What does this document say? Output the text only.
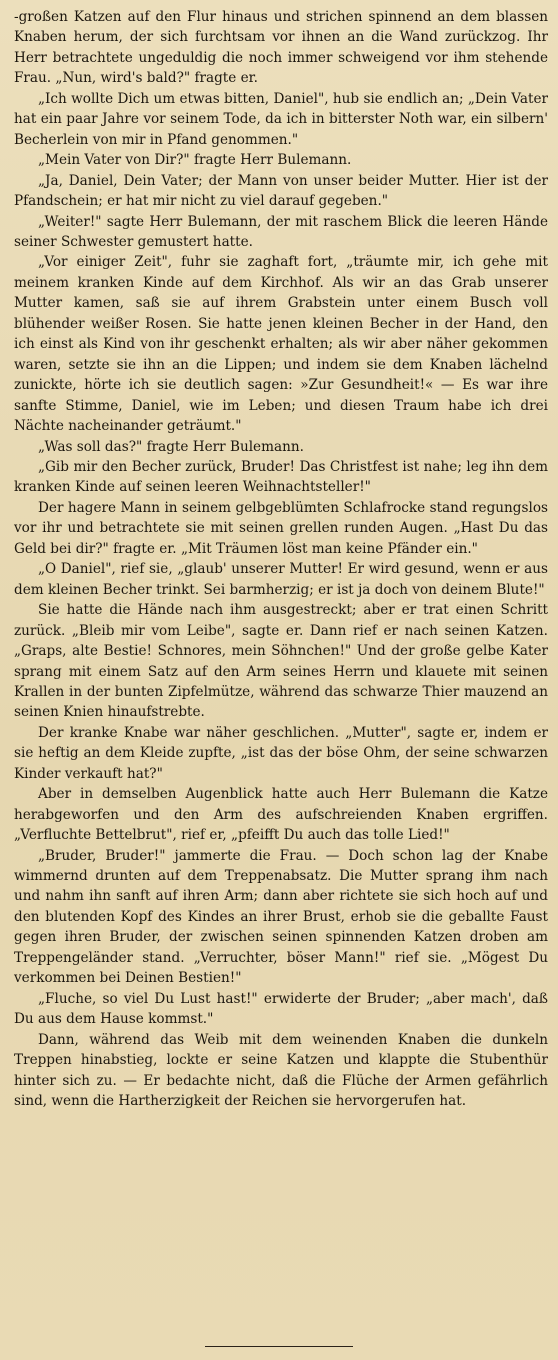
-großen Katzen auf den Flur hinaus und strichen spinnend an dem blassen Knaben herum, der sich furchtsam vor ihnen an die Wand zurückzog. Ihr Herr betrachtete ungeduldig die noch immer schweigend vor ihm stehende Frau. „Nun, wird's bald?" fragte er.

„Ich wollte Dich um etwas bitten, Daniel", hub sie endlich an; „Dein Vater hat ein paar Jahre vor seinem Tode, da ich in bitterster Noth war, ein silbern' Becherlein von mir in Pfand genommen."

„Mein Vater von Dir?" fragte Herr Bulemann.

„Ja, Daniel, Dein Vater; der Mann von unser beider Mutter. Hier ist der Pfandschein; er hat mir nicht zu viel darauf gegeben."

„Weiter!" sagte Herr Bulemann, der mit raschem Blick die leeren Hände seiner Schwester gemustert hatte.

„Vor einiger Zeit", fuhr sie zaghaft fort, „träumte mir, ich gehe mit meinem kranken Kinde auf dem Kirchhof. Als wir an das Grab unserer Mutter kamen, saß sie auf ihrem Grabstein unter einem Busch voll blühender weißer Rosen. Sie hatte jenen kleinen Becher in der Hand, den ich einst als Kind von ihr geschenkt erhalten; als wir aber näher gekommen waren, setzte sie ihn an die Lippen; und indem sie dem Knaben lächelnd zunickte, hörte ich sie deutlich sagen: »Zur Gesundheit!« — Es war ihre sanfte Stimme, Daniel, wie im Leben; und diesen Traum habe ich drei Nächte nacheinander geträumt."

„Was soll das?" fragte Herr Bulemann.

„Gib mir den Becher zurück, Bruder! Das Christfest ist nahe; leg ihn dem kranken Kinde auf seinen leeren Weihnachtsteller!"

Der hagere Mann in seinem gelbgeblümten Schlafrocke stand regungslos vor ihr und betrachtete sie mit seinen grellen runden Augen. „Hast Du das Geld bei dir?" fragte er. „Mit Träumen löst man keine Pfänder ein."

„O Daniel", rief sie, „glaub' unserer Mutter! Er wird gesund, wenn er aus dem kleinen Becher trinkt. Sei barmherzig; er ist ja doch von deinem Blute!"

Sie hatte die Hände nach ihm ausgestreckt; aber er trat einen Schritt zurück. „Bleib mir vom Leibe", sagte er. Dann rief er nach seinen Katzen. „Graps, alte Bestie! Schnores, mein Söhnchen!" Und der große gelbe Kater sprang mit einem Satz auf den Arm seines Herrn und klauete mit seinen Krallen in der bunten Zipfelmütze, während das schwarze Thier mauzend an seinen Knien hinaufstrebte.

Der kranke Knabe war näher geschlichen. „Mutter", sagte er, indem er sie heftig an dem Kleide zupfte, „ist das der böse Ohm, der seine schwarzen Kinder verkauft hat?"

Aber in demselben Augenblick hatte auch Herr Bulemann die Katze herabgeworfen und den Arm des aufschreienden Knaben ergriffen. „Verfluchte Bettelbrut", rief er, „pfeifft Du auch das tolle Lied!"

„Bruder, Bruder!" jammerte die Frau. — Doch schon lag der Knabe wimmernd drunten auf dem Treppenabsatz. Die Mutter sprang ihm nach und nahm ihn sanft auf ihren Arm; dann aber richtete sie sich hoch auf und den blutenden Kopf des Kindes an ihrer Brust, erhob sie die geballte Faust gegen ihren Bruder, der zwischen seinen spinnenden Katzen droben am Treppengeländer stand. „Verruchter, böser Mann!" rief sie. „Mögest Du verkommen bei Deinen Bestien!"

„Fluche, so viel Du Lust hast!" erwiderte der Bruder; „aber mach', daß Du aus dem Hause kommst."

Dann, während das Weib mit dem weinenden Knaben die dunkeln Treppen hinabstieg, lockte er seine Katzen und klappte die Stubenthür hinter sich zu. — Er bedachte nicht, daß die Flüche der Armen gefährlich sind, wenn die Hartherzigkeit der Reichen sie hervorgerufen hat.
